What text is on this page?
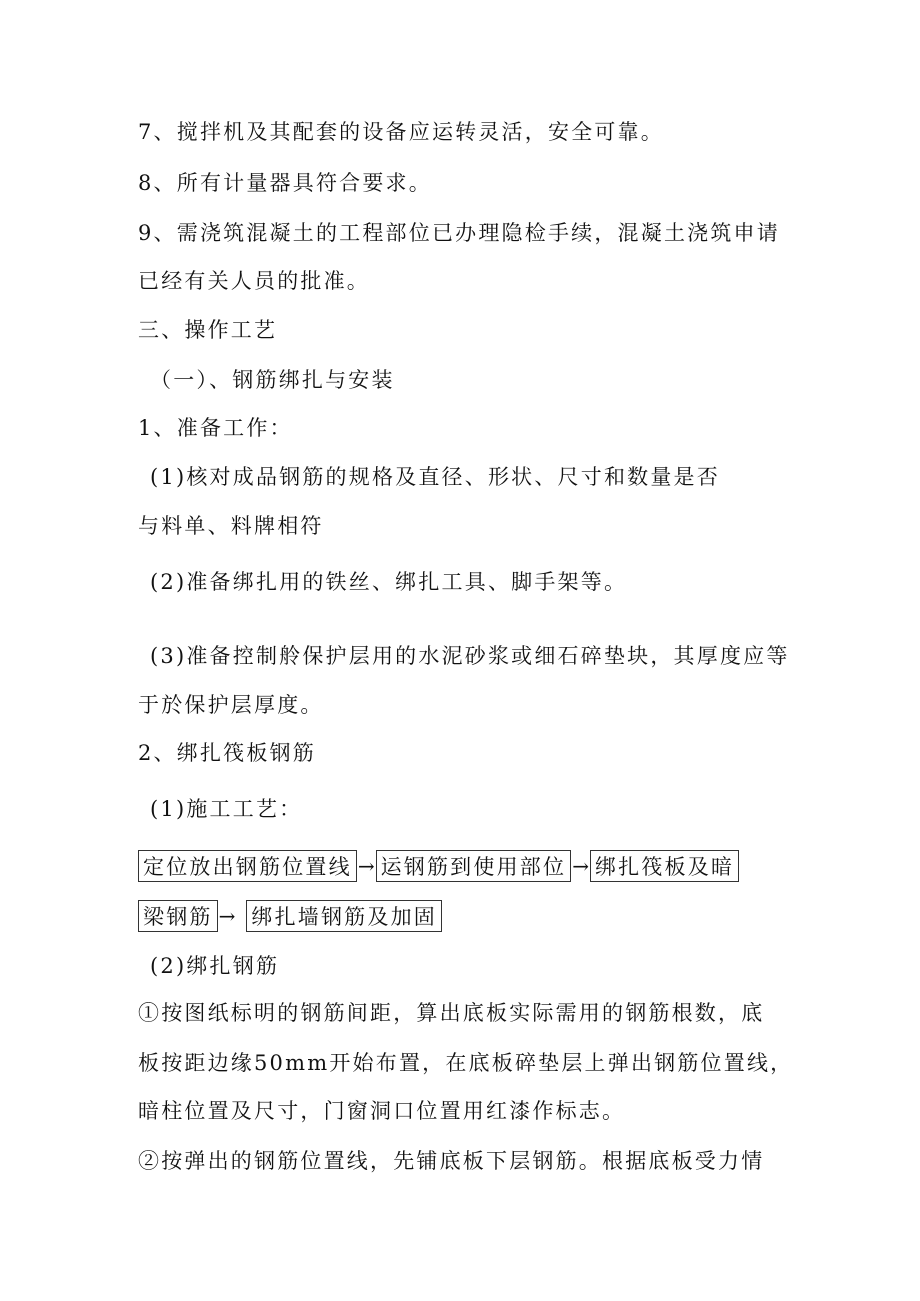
7、搅拌机及其配套的设备应运转灵活，安全可靠。
8、所有计量器具符合要求。
9、需浇筑混凝土的工程部位已办理隐检手续，混凝土浇筑申请
已经有关人员的批准。
三、操作工艺
（一）、钢筋绑扎与安装
1、准备工作：
(1)核对成品钢筋的规格及直径、形状、尺寸和数量是否
与料单、料牌相符
(2)准备绑扎用的铁丝、绑扎工具、脚手架等。
(3)准备控制舲保护层用的水泥砂浆或细石碎垫块，其厚度应等
于於保护层厚度。
2、绑扎筏板钢筋
(1)施工工艺：
定位放出钢筋位置线 → 运钢筋到使用部位 → 绑扎筏板及暗
梁钢筋 → 绑扎墙钢筋及加固
(2)绑扎钢筋
①按图纸标明的钢筋间距，算出底板实际需用的钢筋根数，底
板按距边缘50mm开始布置，在底板碎垫层上弹出钢筋位置线，
暗柱位置及尺寸，门窗洞口位置用红漆作标志。
②按弹出的钢筋位置线，先铺底板下层钢筋。根据底板受力情
